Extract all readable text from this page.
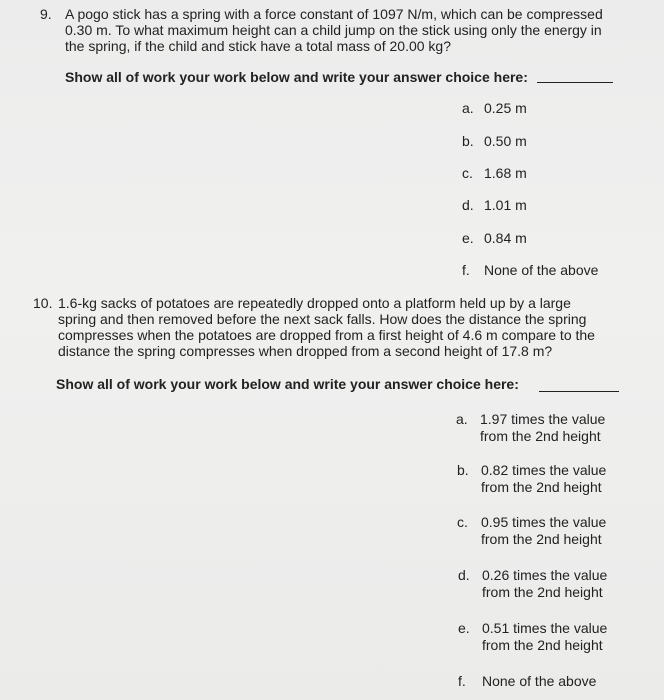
9. A pogo stick has a spring with a force constant of 1097 N/m, which can be compressed
0.30 m. To what maximum height can a child jump on the stick using only the energy in
the spring, if the child and stick have a total mass of 20.00 kg?
Show all of work your work below and write your answer choice here:
a. 0.25 m
b. 0.50 m
c. 1.68 m
d. 1.01 m
e. 0.84 m
f. None of the above
10. 1.6-kg sacks of potatoes are repeatedly dropped onto a platform held up by a large
spring and then removed before the next sack falls. How does the distance the spring
compresses when the potatoes are dropped from a first height of 4.6 m compare to the
distance the spring compresses when dropped from a second height of 17.8 m?
Show all of work your work below and write your answer choice here:
a. 1.97 times the value
from the 2nd height
b. 0.82 times the value
from the 2nd height
c. 0.95 times the value
from the 2nd height
d. 0.26 times the value
from the 2nd height
e. 0.51 times the value
from the 2nd height
f. None of the above
